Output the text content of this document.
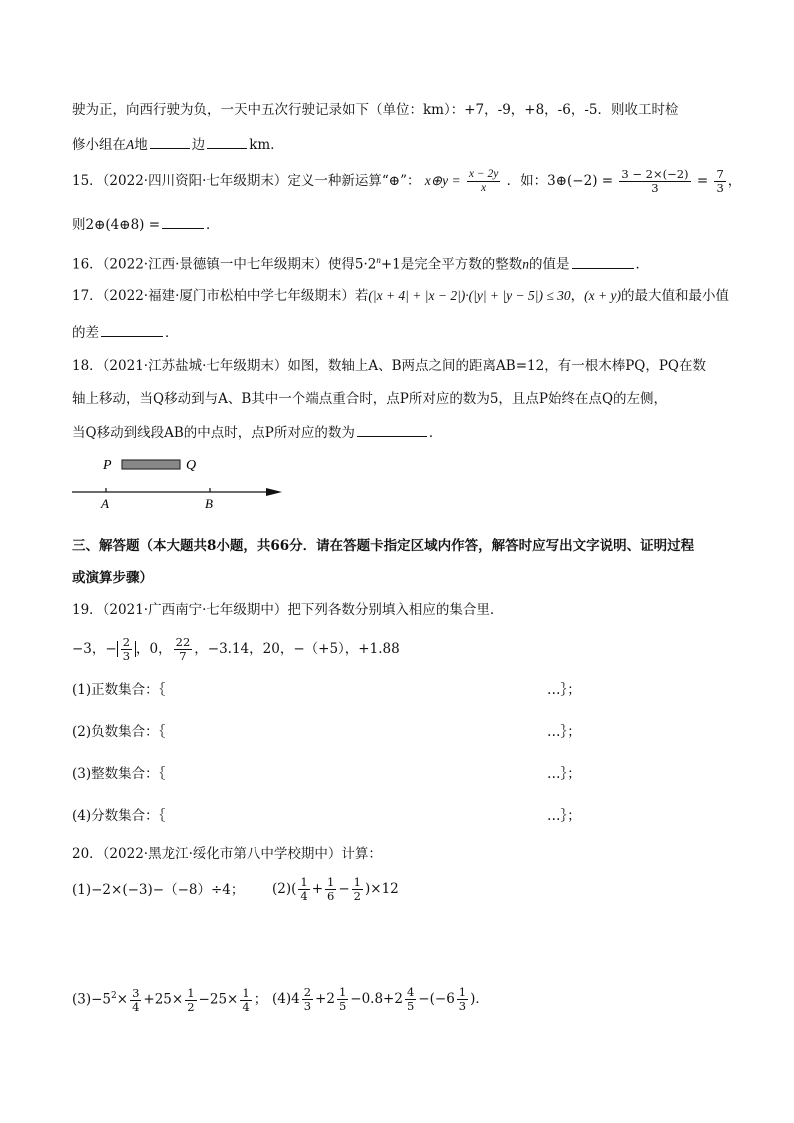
驶为正，向西行驶为负，一天中五次行驶记录如下（单位：km）：+7，-9，+8，-6，-5．则收工时检
修小组在A地	边	km．
15．（2022·四川资阳·七年级期末）定义一种新运算“⊕”： x⊕y = $\frac{x - 2y}{x}$ ．如：3⊕(−2) = $\frac{3 - 2\times(-2)}{3} = \frac{7}{3}$ ，
则2⊕(4⊕8) =	．
16．（2022·江西·景德镇一中七年级期末）使得$5\cdot 2^n+1$是完全平方数的整数n的值是	．
17．（2022·福建·厦门市松柏中学七年级期末）若(|x + 4| + |x − 2|)·(|y| + |y − 5|) ≤ 30，(x + y)的最大值和最小值
的差	．
18．（2021·江苏盐城·七年级期末）如图，数轴上A、B两点之间的距离AB=12，有一根木棒PQ，PQ在数
轴上移动，当Q移动到与A、B其中一个端点重合时，点P所对应的数为5，且点P始终在点Q的左侧，
当Q移动到线段AB的中点时，点P所对应的数为	．
P	Q
A	B
三、解答题（本大题共8小题，共66分．请在答题卡指定区域内作答，解答时应写出文字说明、证明过程
或演算步骤）
19．（2021·广西南宁·七年级期中）把下列各数分别填入相应的集合里．
−3，− $\frac{2}{3}$ ，0， $\frac{22}{7}$ ，−3.14，20，−（+5），+1.88
(1)正数集合：｛	…｝；
(2)负数集合：｛	…｝；
(3)整数集合：｛	…｝；
(4)分数集合：｛	…｝；
20．（2022·黑龙江·绥化市第八中学校期中）计算：
(1)−2×(−3)−（−8）÷4； $(2)( \frac{1}{4} + \frac{1}{6} - \frac{1}{2} )\times 12$
$(3)-5^2\times \frac{3}{4} +25\times \frac{1}{2} -25\times \frac{1}{4}$ ； $(4)4 \frac{2}{3} +2 \frac{1}{5} -0.8+2 \frac{4}{5} -(-6 \frac{1}{3}$ )．
